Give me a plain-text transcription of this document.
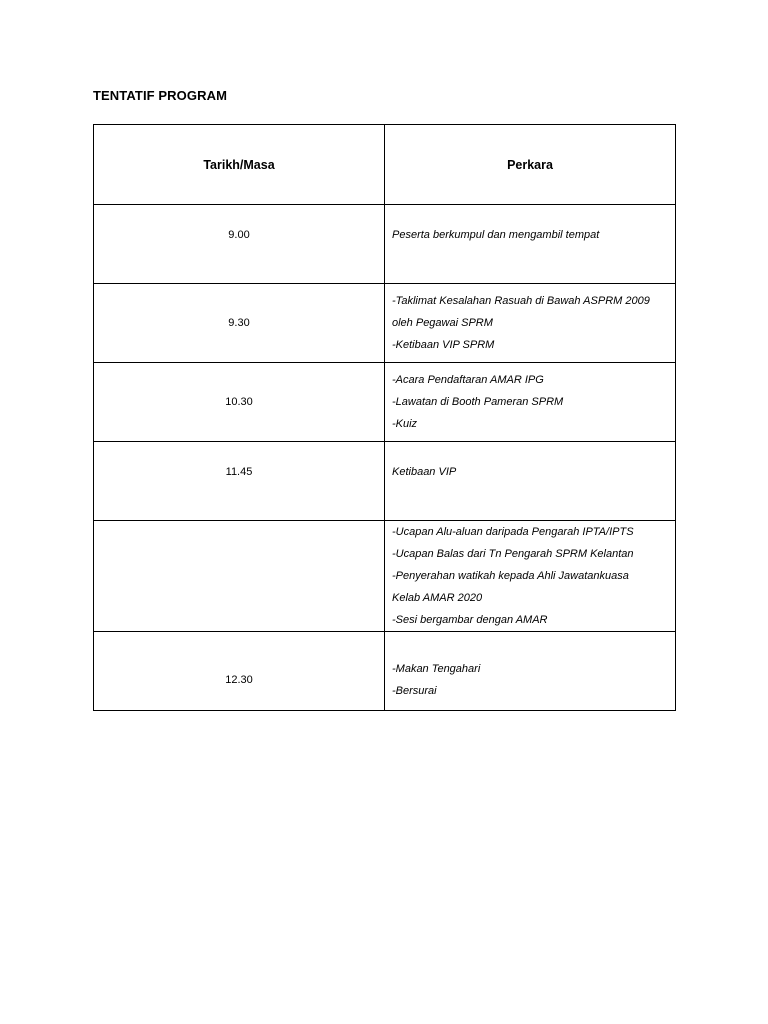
TENTATIF PROGRAM
Tarikh/Masa	Perkara
9.00	Peserta berkumpul dan mengambil tempat

9.30	-Taklimat Kesalahan Rasuah di Bawah ASPRM 2009
oleh Pegawai SPRM
-Ketibaan VIP SPRM

10.30	-Acara Pendaftaran AMAR IPG
-Lawatan di Booth Pameran SPRM
-Kuiz

11.45	Ketibaan VIP

	-Ucapan Alu-aluan daripada Pengarah IPTA/IPTS
-Ucapan Balas dari Tn Pengarah SPRM Kelantan
-Penyerahan watikah kepada Ahli Jawatankuasa
Kelab AMAR 2020
-Sesi bergambar dengan AMAR

12.30	-Makan Tengahari
-Bersurai
